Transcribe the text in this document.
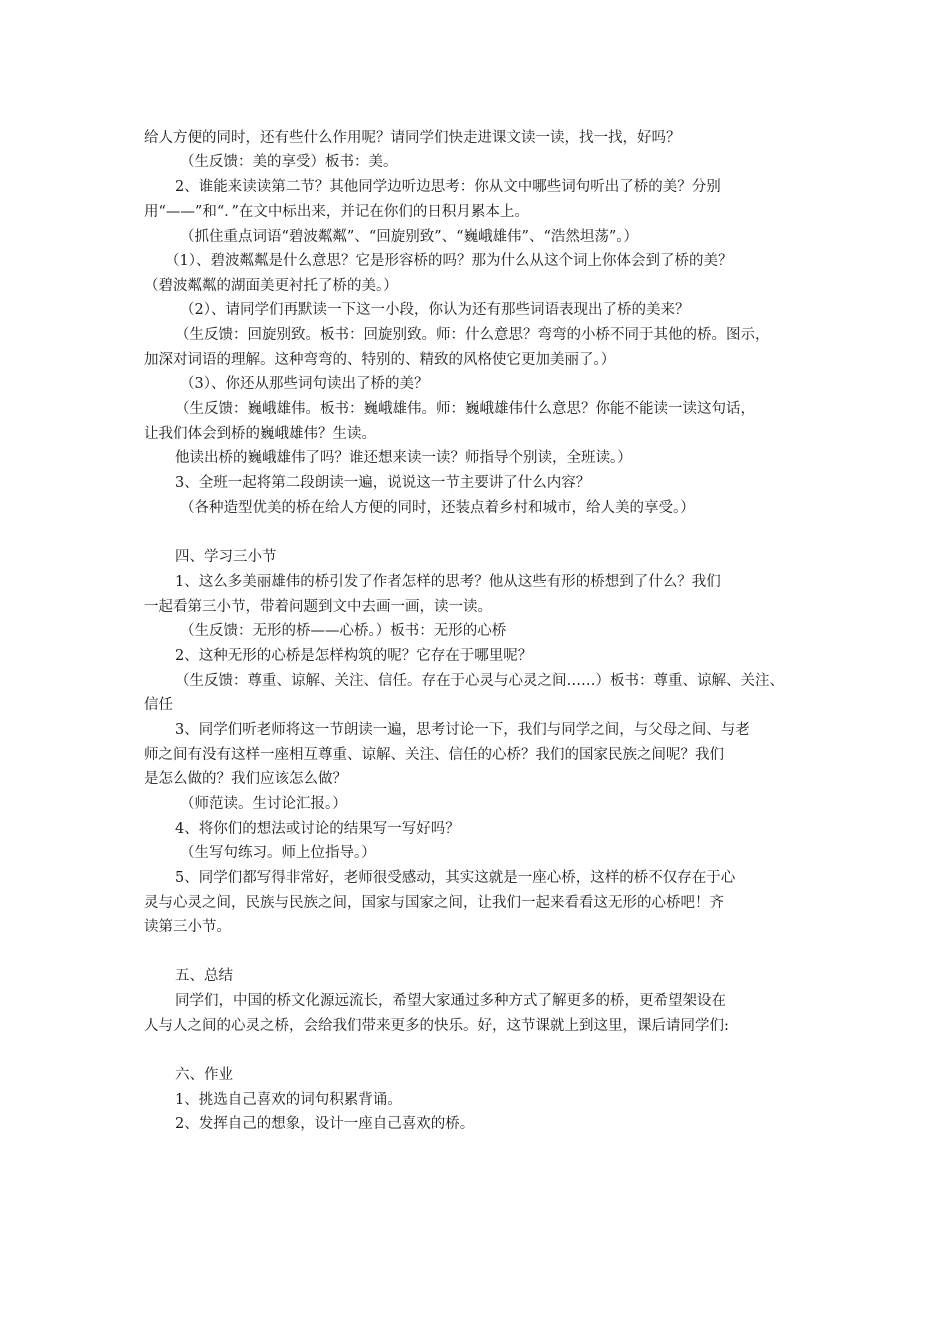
给人方便的同时，还有些什么作用呢？请同学们快走进课文读一读，找一找，好吗？
（生反馈：美的享受）板书：美。
2、谁能来读读第二节？其他同学边听边思考：你从文中哪些词句听出了桥的美？分别
用“——”和“．”在文中标出来，并记在你们的日积月累本上。
（抓住重点词语“碧波粼粼”、“回旋别致”、“巍峨雄伟”、“浩然坦荡”。）
（1）、碧波粼粼是什么意思？它是形容桥的吗？那为什么从这个词上你体会到了桥的美？
（碧波粼粼的湖面美更衬托了桥的美。）
（2）、请同学们再默读一下这一小段，你认为还有那些词语表现出了桥的美来？
（生反馈：回旋别致。板书：回旋别致。师：什么意思？弯弯的小桥不同于其他的桥。图示，
加深对词语的理解。这种弯弯的、特别的、精致的风格使它更加美丽了。）
（3）、你还从那些词句读出了桥的美？
（生反馈：巍峨雄伟。板书：巍峨雄伟。师：巍峨雄伟什么意思？你能不能读一读这句话，
让我们体会到桥的巍峨雄伟？生读。
他读出桥的巍峨雄伟了吗？谁还想来读一读？师指导个别读，全班读。）
3、全班一起将第二段朗读一遍，说说这一节主要讲了什么内容？
（各种造型优美的桥在给人方便的同时，还装点着乡村和城市，给人美的享受。）
四、学习三小节
1、这么多美丽雄伟的桥引发了作者怎样的思考？他从这些有形的桥想到了什么？我们
一起看第三小节，带着问题到文中去画一画，读一读。
（生反馈：无形的桥——心桥。）板书：无形的心桥
2、这种无形的心桥是怎样构筑的呢？它存在于哪里呢？
（生反馈：尊重、谅解、关注、信任。存在于心灵与心灵之间……）板书：尊重、谅解、关注、
信任
3、同学们听老师将这一节朗读一遍，思考讨论一下，我们与同学之间，与父母之间、与老
师之间有没有这样一座相互尊重、谅解、关注、信任的心桥？我们的国家民族之间呢？我们
是怎么做的？我们应该怎么做？
（师范读。生讨论汇报。）
4、将你们的想法或讨论的结果写一写好吗？
（生写句练习。师上位指导。）
5、同学们都写得非常好，老师很受感动，其实这就是一座心桥，这样的桥不仅存在于心
灵与心灵之间，民族与民族之间，国家与国家之间，让我们一起来看看这无形的心桥吧！齐
读第三小节。
五、总结
同学们，中国的桥文化源远流长，希望大家通过多种方式了解更多的桥，更希望架设在
人与人之间的心灵之桥，会给我们带来更多的快乐。好，这节课就上到这里，课后请同学们:
六、作业
1、挑选自己喜欢的词句积累背诵。
2、发挥自己的想象，设计一座自己喜欢的桥。
